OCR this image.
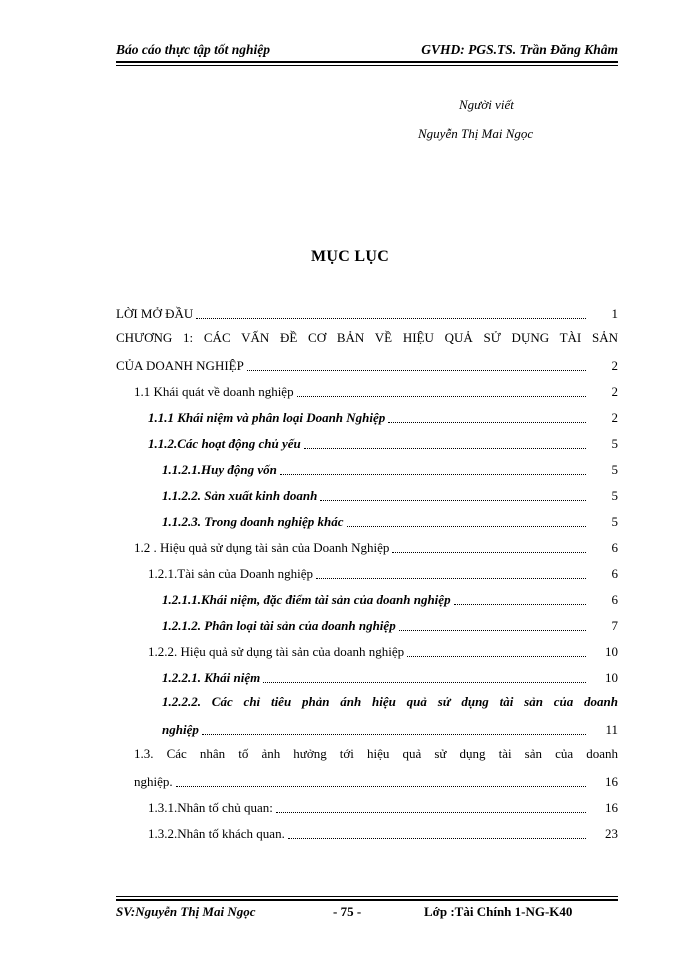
Báo cáo thực tập tốt nghiệp	GVHD: PGS.TS. Trần Đăng Khâm
Người viết
Nguyễn Thị Mai Ngọc
MỤC LỤC
LỜI MỞ ĐẦU	1
CHƯƠNG 1: CÁC VẤN ĐỀ CƠ BẢN VỀ HIỆU QUẢ SỬ DỤNG TÀI SẢN
CỦA DOANH NGHIỆP	2
1.1 Khái quát về doanh nghiệp	2
1.1.1 Khái niệm và phân loại Doanh Nghiệp	2
1.1.2.Các hoạt động chủ yếu	5
1.1.2.1.Huy động vốn	5
1.1.2.2. Sản xuất kinh doanh	5
1.1.2.3. Trong doanh nghiệp khác	5
1.2 . Hiệu quả sử dụng tài sản của Doanh Nghiệp	6
1.2.1.Tài sản của Doanh nghiệp	6
1.2.1.1.Khái niệm, đặc điểm tài sản của doanh nghiệp	6
1.2.1.2. Phân loại tài sản của doanh nghiệp	7
1.2.2. Hiệu quả sử dụng tài sản của doanh nghiệp	10
1.2.2.1. Khái niệm	10
1.2.2.2. Các chỉ tiêu phản ánh hiệu quả sử dụng tài sản của doanh
nghiệp	11
1.3. Các nhân tố ảnh hưởng tới hiệu quả sử dụng tài sản của doanh
nghiệp.	16
1.3.1.Nhân tố chủ quan:	16
1.3.2.Nhân tố khách quan.	23
SV:Nguyễn Thị Mai Ngọc	- 75 -	Lớp :Tài Chính 1-NG-K40
